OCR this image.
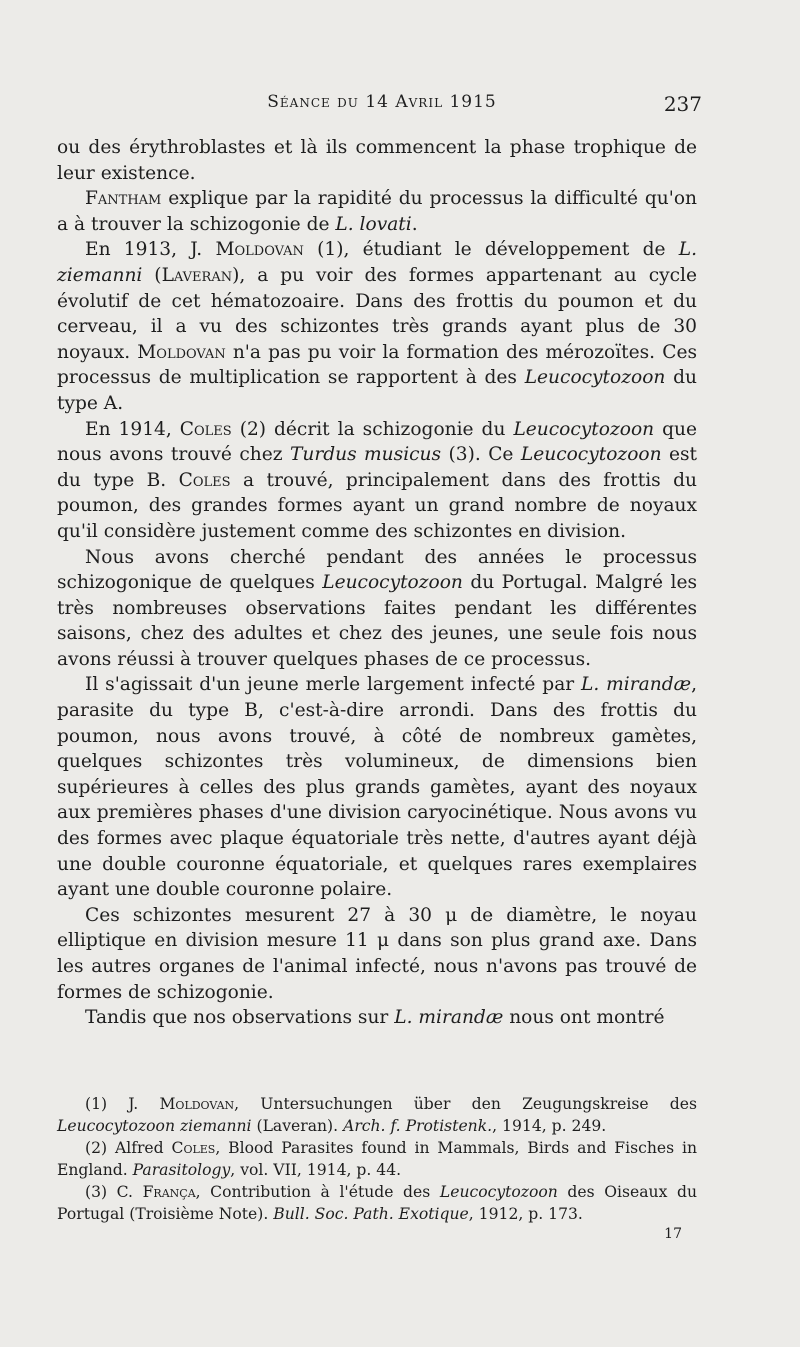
Séance du 14 Avril 1915	237

ou des érythroblastes et là ils commencent la phase trophique de leur existence.

Fantham explique par la rapidité du processus la difficulté qu'on a à trouver la schizogonie de L. lovati.

En 1913, J. Moldovan (1), étudiant le développement de L. ziemanni (Laveran), a pu voir des formes appartenant au cycle évolutif de cet hématozoaire. Dans des frottis du poumon et du cerveau, il a vu des schizontes très grands ayant plus de 30 noyaux. Moldovan n'a pas pu voir la formation des mérozoïtes. Ces processus de multiplication se rapportent à des Leucocytozoon du type A.

En 1914, Coles (2) décrit la schizogonie du Leucocytozoon que nous avons trouvé chez Turdus musicus (3). Ce Leucocytozoon est du type B. Coles a trouvé, principalement dans des frottis du poumon, des grandes formes ayant un grand nombre de noyaux qu'il considère justement comme des schizontes en division.

Nous avons cherché pendant des années le processus schizogonique de quelques Leucocytozoon du Portugal. Malgré les très nombreuses observations faites pendant les différentes saisons, chez des adultes et chez des jeunes, une seule fois nous avons réussi à trouver quelques phases de ce processus.

Il s'agissait d'un jeune merle largement infecté par L. mirandæ, parasite du type B, c'est-à-dire arrondi. Dans des frottis du poumon, nous avons trouvé, à côté de nombreux gamètes, quelques schizontes très volumineux, de dimensions bien supérieures à celles des plus grands gamètes, ayant des noyaux aux premières phases d'une division caryocinétique. Nous avons vu des formes avec plaque équatoriale très nette, d'autres ayant déjà une double couronne équatoriale, et quelques rares exemplaires ayant une double couronne polaire.

Ces schizontes mesurent 27 à 30 μ de diamètre, le noyau elliptique en division mesure 11 μ dans son plus grand axe. Dans les autres organes de l'animal infecté, nous n'avons pas trouvé de formes de schizogonie.

Tandis que nos observations sur L. mirandæ nous ont montré

(1) J. Moldovan, Untersuchungen über den Zeugungskreise des Leucocytozoon ziemanni (Laveran). Arch. f. Protistenk., 1914, p. 249.

(2) Alfred Coles, Blood Parasites found in Mammals, Birds and Fisches in England. Parasitology, vol. VII, 1914, p. 44.

(3) C. França, Contribution à l'étude des Leucocytozoon des Oiseaux du Portugal (Troisième Note). Bull. Soc. Path. Exotique, 1912, p. 173.

17
